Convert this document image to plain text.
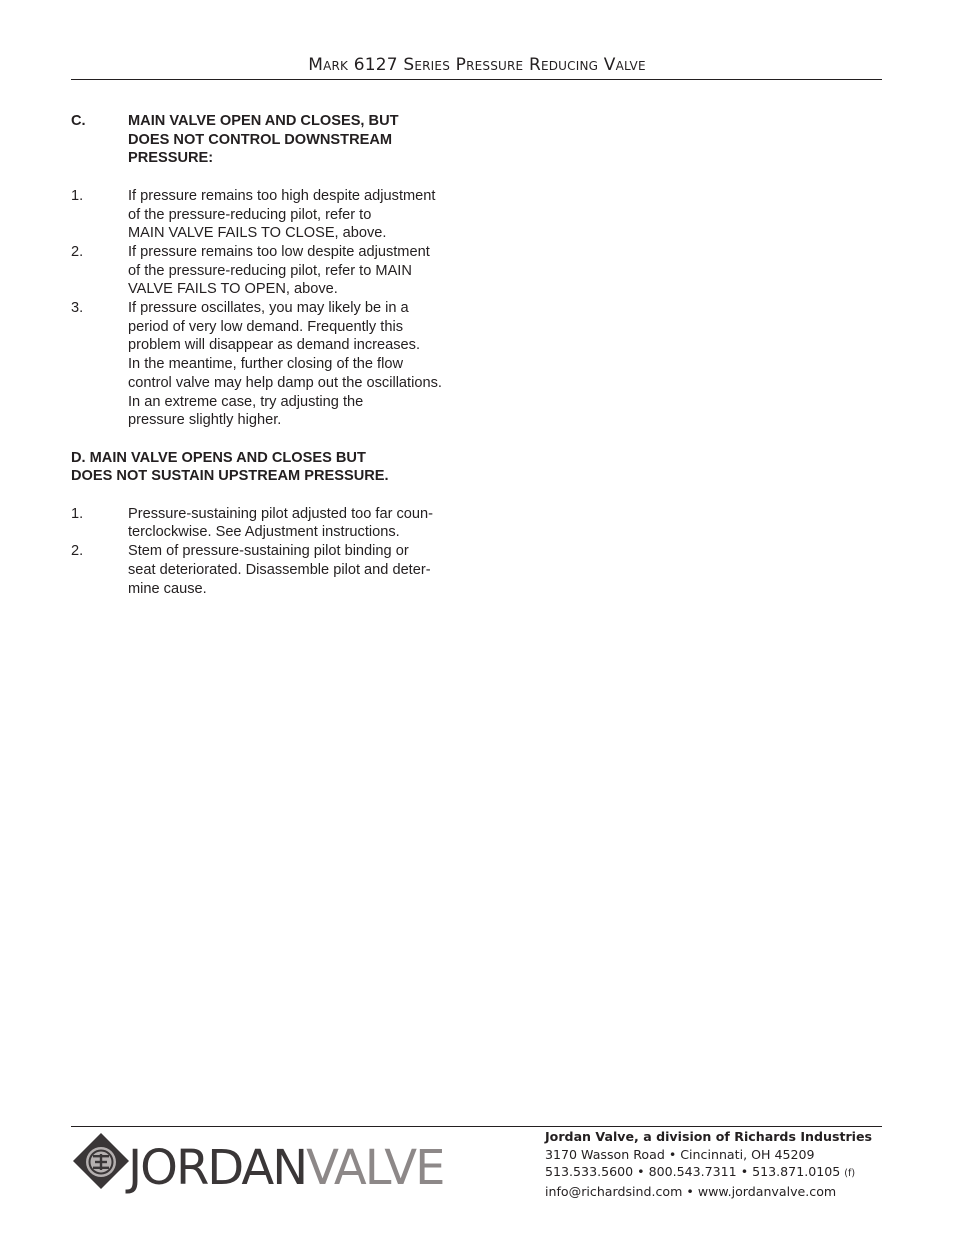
Mark 6127 Series Pressure Reducing Valve
C.	MAIN VALVE OPEN AND CLOSES, BUT
DOES NOT CONTROL DOWNSTREAM
PRESSURE:
1.	If pressure remains too high despite adjustment
of the pressure-reducing pilot, refer to
MAIN VALVE FAILS TO CLOSE, above.
2.	If pressure remains too low despite adjustment
of the pressure-reducing pilot, refer to MAIN
VALVE FAILS TO OPEN, above.
3.	If pressure oscillates, you may likely be in a
period of very low demand. Frequently this
problem will disappear as demand increases.
In the meantime, further closing of the flow
control valve may help damp out the oscillations.
In an extreme case, try adjusting the
pressure slightly higher.
D. MAIN VALVE OPENS AND CLOSES BUT
DOES NOT SUSTAIN UPSTREAM PRESSURE.
1.	Pressure-sustaining pilot adjusted too far coun-
terclockwise. See Adjustment instructions.
2.	Stem of pressure-sustaining pilot binding or
seat deteriorated. Disassemble pilot and deter-
mine cause.
JORDANVALVE
Jordan Valve, a division of Richards Industries
3170 Wasson Road • Cincinnati, OH 45209
513.533.5600 • 800.543.7311 • 513.871.0105 (f)
info@richardsind.com • www.jordanvalve.com
